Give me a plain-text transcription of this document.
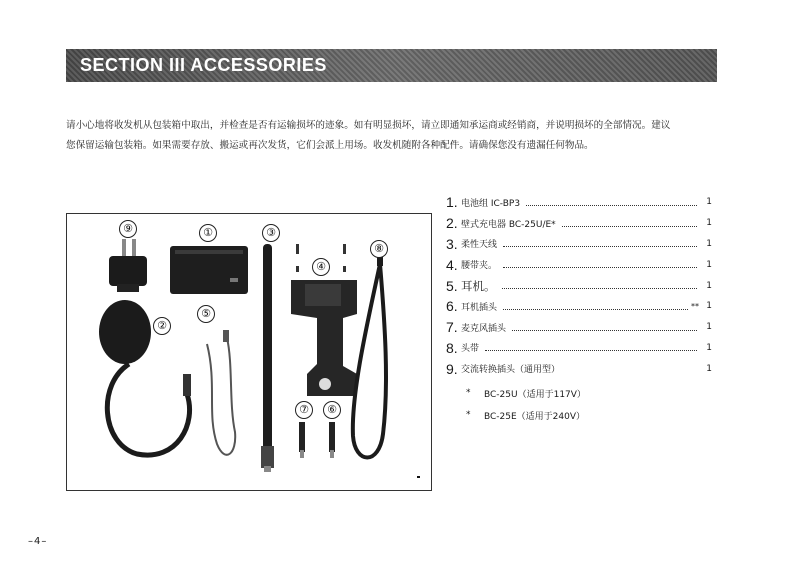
SECTION III ACCESSORIES

请小心地将收发机从包装箱中取出，并检查是否有运输损坏的迹象。如有明显损坏，请立即通知承运商或经销商，并说明损坏的全部情况。建议

您保留运输包装箱。如果需要存放、搬运或再次发货，它们会派上用场。收发机随附各种配件。请确保您没有遗漏任何物品。

⑨	①	③
⑧
④
②
⑤
⑦	⑥
1. 电池组 IC-BP3	1
2. 壁式充电器 BC-25U/E*	1
3. 柔性天线	1
4. 腰带夹。	1
5. 耳机。	1
6. 耳机插头	** 1
7. 麦克风插头	1
8. 头带	1
9. 交流转换插头（通用型）	1
*	BC-25U（适用于117V）
*	BC-25E（适用于240V）
–4–
